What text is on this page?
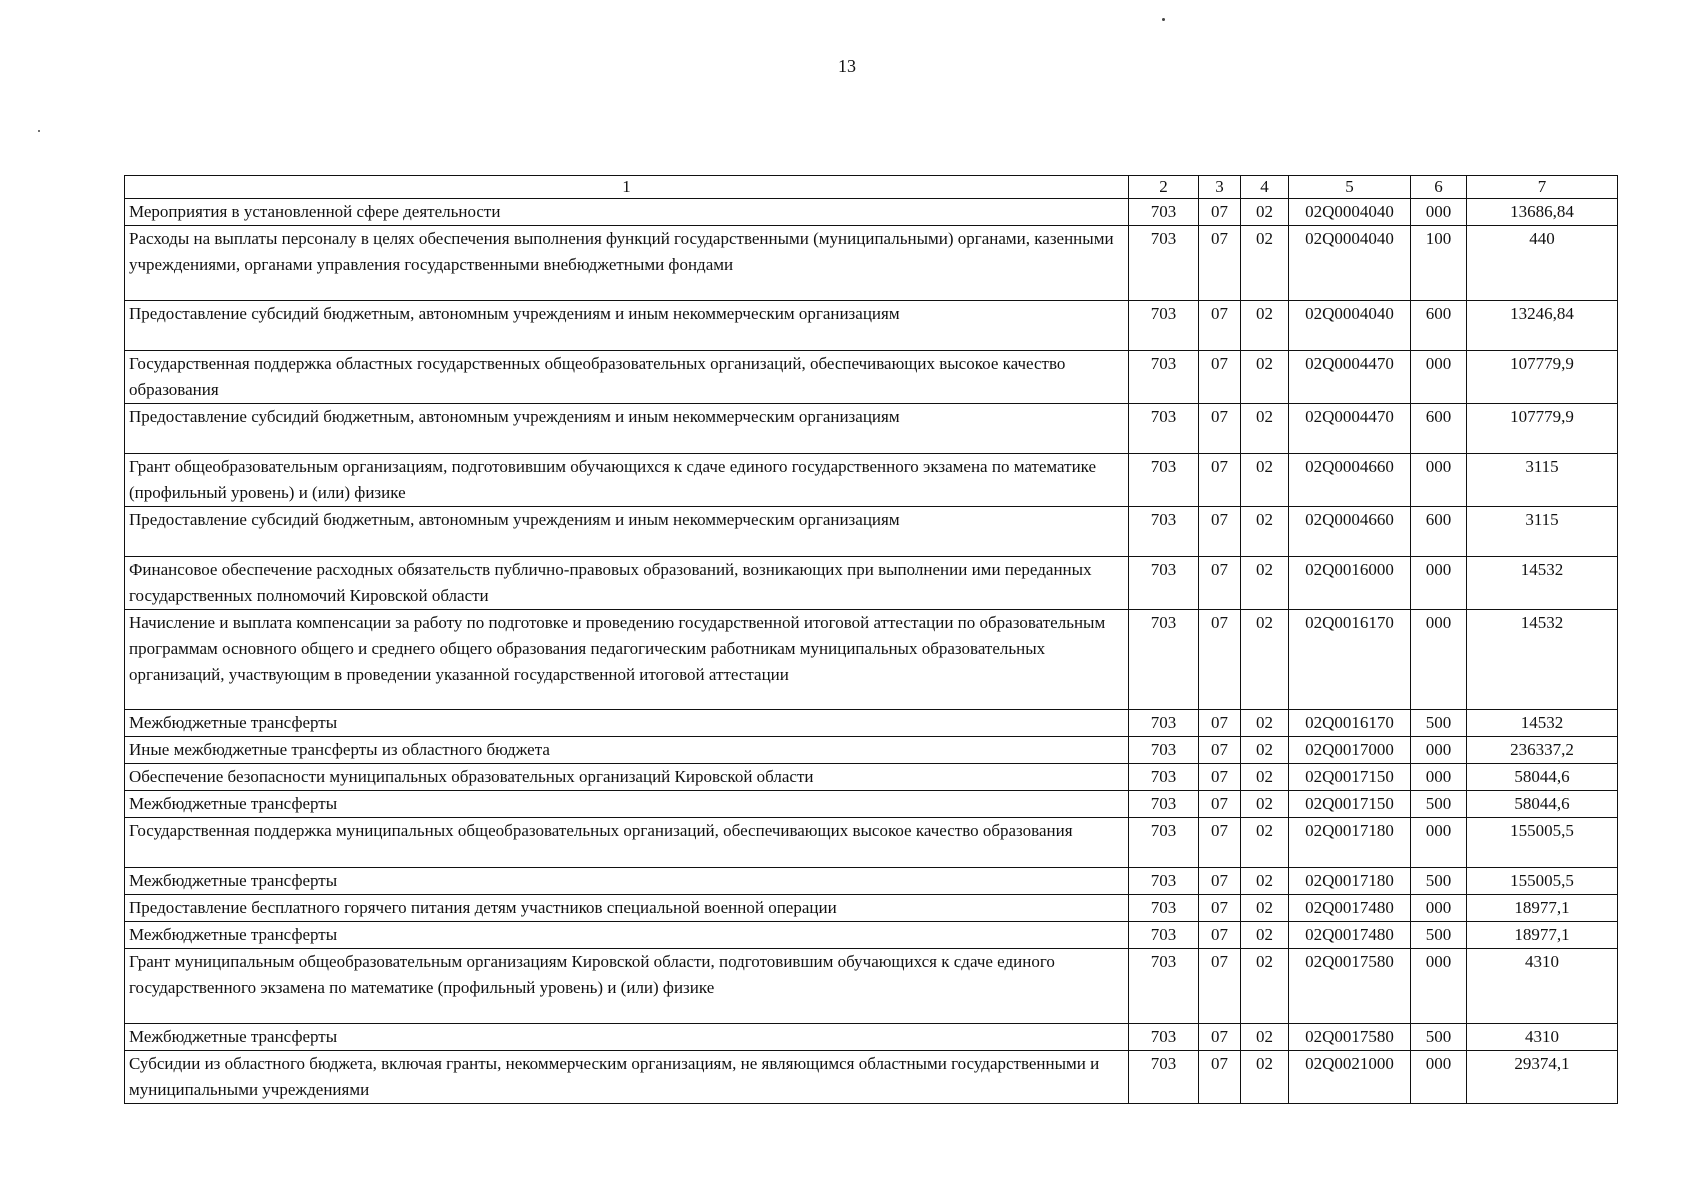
13
1	2	3	4	5	6	7
Мероприятия в установленной сфере деятельности	703	07	02	02Q0004040	000	13686,84
Расходы на выплаты персоналу в целях обеспечения выполнения функций государственными (муниципальными) органами, казенными учреждениями, органами управления государственными внебюджетными фондами	703	07	02	02Q0004040	100	440
Предоставление субсидий бюджетным, автономным учреждениям и иным некоммерческим организациям	703	07	02	02Q0004040	600	13246,84
Государственная поддержка областных государственных общеобразовательных организаций, обеспечивающих высокое качество образования	703	07	02	02Q0004470	000	107779,9
Предоставление субсидий бюджетным, автономным учреждениям и иным некоммерческим организациям	703	07	02	02Q0004470	600	107779,9
Грант общеобразовательным организациям, подготовившим обучающихся к сдаче единого государственного экзамена по математике (профильный уровень) и (или) физике	703	07	02	02Q0004660	000	3115
Предоставление субсидий бюджетным, автономным учреждениям и иным некоммерческим организациям	703	07	02	02Q0004660	600	3115
Финансовое обеспечение расходных обязательств публично-правовых образований, возникающих при выполнении ими переданных государственных полномочий Кировской области	703	07	02	02Q0016000	000	14532
Начисление и выплата компенсации за работу по подготовке и проведению государственной итоговой аттестации по образовательным программам основного общего и среднего общего образования педагогическим работникам муниципальных образовательных организаций, участвующим в проведении указанной государственной итоговой аттестации	703	07	02	02Q0016170	000	14532
Межбюджетные трансферты	703	07	02	02Q0016170	500	14532
Иные межбюджетные трансферты из областного бюджета	703	07	02	02Q0017000	000	236337,2
Обеспечение безопасности муниципальных образовательных организаций Кировской области	703	07	02	02Q0017150	000	58044,6
Межбюджетные трансферты	703	07	02	02Q0017150	500	58044,6
Государственная поддержка муниципальных общеобразовательных организаций, обеспечивающих высокое качество образования	703	07	02	02Q0017180	000	155005,5
Межбюджетные трансферты	703	07	02	02Q0017180	500	155005,5
Предоставление бесплатного горячего питания детям участников специальной военной операции	703	07	02	02Q0017480	000	18977,1
Межбюджетные трансферты	703	07	02	02Q0017480	500	18977,1
Грант муниципальным общеобразовательным организациям Кировской области, подготовившим обучающихся к сдаче единого государственного экзамена по математике (профильный уровень) и (или) физике	703	07	02	02Q0017580	000	4310
Межбюджетные трансферты	703	07	02	02Q0017580	500	4310
Субсидии из областного бюджета, включая гранты, некоммерческим организациям, не являющимся областными государственными и муниципальными учреждениями	703	07	02	02Q0021000	000	29374,1
